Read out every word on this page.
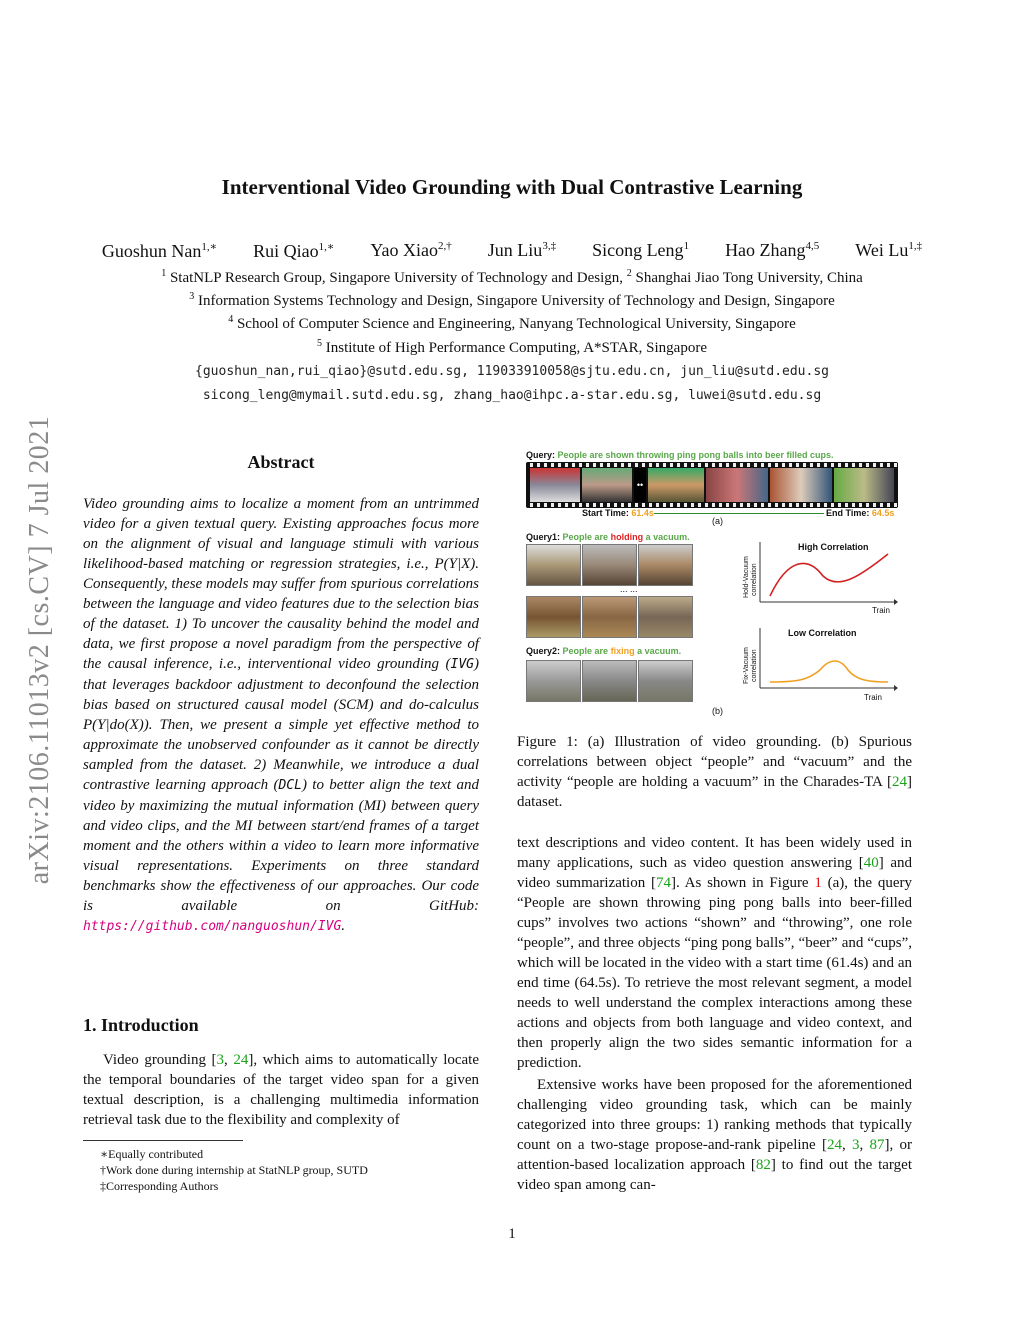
arXiv:2106.11013v2 [cs.CV] 7 Jul 2021
Interventional Video Grounding with Dual Contrastive Learning
Guoshun Nan$^{1,∗}$ Rui Qiao$^{1,∗}$ Yao Xiao$^{2,\dagger}$ Jun Liu$^{3,\ddagger}$ Sicong Leng$^1$ Hao Zhang$^{4,5}$ Wei $Lu^{1,\ddagger}$
$^1$ StatNLP Research Group, Singapore University of Technology and Design, $^2$ Shanghai Jiao Tong University, China
$^3$ Information Systems Technology and Design, Singapore University of Technology and Design, Singapore
$^4$ School of Computer Science and Engineering, Nanyang Technological University, Singapore
$^5$ Institute of High Performance Computing, A*STAR, Singapore
{guoshun_nan,rui_qiao}@sutd.edu.sg, 119033910058@sjtu.edu.cn, jun_liu@sutd.edu.sg
sicong_leng@mymail.sutd.edu.sg, zhang_hao@ihpc.a-star.edu.sg, luwei@sutd.edu.sg
Abstract
Video grounding aims to localize a moment from an untrimmed video for a given textual query. Existing approaches focus more on the alignment of visual and language stimuli with various likelihood-based matching or regression strategies, i.e., P(Y|X). Consequently, these models may suffer from spurious correlations between the language and video features due to the selection bias of the dataset. 1) To uncover the causality behind the model and data, we first propose a novel paradigm from the perspective of the causal inference, i.e., interventional video grounding (IVG) that leverages backdoor adjustment to deconfound the selection bias based on structured causal model (SCM) and do-calculus P(Y|do(X)). Then, we present a simple yet effective method to approximate the unobserved confounder as it cannot be directly sampled from the dataset. 2) Meanwhile, we introduce a dual contrastive learning approach (DCL) to better align the text and video by maximizing the mutual information (MI) between query and video clips, and the MI between start/end frames of a target moment and the others within a video to learn more informative visual representations. Experiments on three standard benchmarks show the effectiveness of our approaches. Our code is available on GitHub: https://github.com/nanguoshun/IVG.
1. Introduction
Video grounding [3, 24], which aims to automatically locate the temporal boundaries of the target video span for a given textual description, is a challenging multimedia information retrieval task due to the flexibility and complexity of
∗Equally contributed
†Work done during internship at StatNLP group, SUTD
‡Corresponding Authors
Query: People are shown throwing ping pong balls into beer filled cups.
••
Start Time: 61.4s	End Time: 64.5s
(a)
Query1: People are holding a vacuum.
... ...
Query2: People are fixing a vacuum.
High Correlation
Train
Hold-Vacuum correlation
Low Correlation
Train
Fix-Vacuum correlation
(b)
Figure 1: (a) Illustration of video grounding. (b) Spurious correlations between object “people” and “vacuum” and the activity “people are holding a vacuum” in the Charades-TA [24] dataset.
text descriptions and video content. It has been widely used in many applications, such as video question answering [40] and video summarization [74]. As shown in Figure 1 (a), the query “People are shown throwing ping pong balls into beer-filled cups” involves two actions “shown” and “throwing”, one role “people”, and three objects “ping pong balls”, “beer” and “cups”, which will be located in the video with a start time (61.4s) and an end time (64.5s). To retrieve the most relevant segment, a model needs to well understand the complex interactions among these actions and objects from both language and video context, and then properly align the two sides semantic information for a prediction.
Extensive works have been proposed for the aforementioned challenging video grounding task, which can be mainly categorized into three groups: 1) ranking methods that typically count on a two-stage propose-and-rank pipeline [24, 3, 87], or attention-based localization approach [82] to find out the target video span among can-
1
